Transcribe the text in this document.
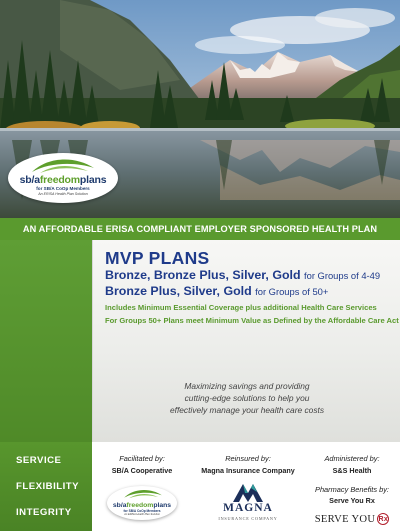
sb/afreedomplans
for SB/A CoOp Members
An ERISA Health Plan Solution
AN AFFORDABLE ERISA COMPLIANT EMPLOYER SPONSORED HEALTH PLAN
MVP PLANS
Bronze, Bronze Plus, Silver, Gold for Groups of 4-49
Bronze Plus, Silver, Gold for Groups of 50+
Includes Minimum Essential Coverage plus additional Health Care Services
For Groups 50+ Plans meet Minimum Value as Defined by the Affordable Care Act
Maximizing savings and providing
cutting-edge solutions to help you
effectively manage your health care costs
SERVICE
FLEXIBILITY
INTEGRITY
Facilitated by:
SB/A Cooperative
sb/afreedomplans
for SB/A CoOp Members
An ERISA Health Plan Solution
Reinsured by:
Magna Insurance Company
MAGNA
INSURANCE COMPANY
Administered by:
S&S Health
Pharmacy Benefits by:
Serve You Rx
SERVE YOU Rx
